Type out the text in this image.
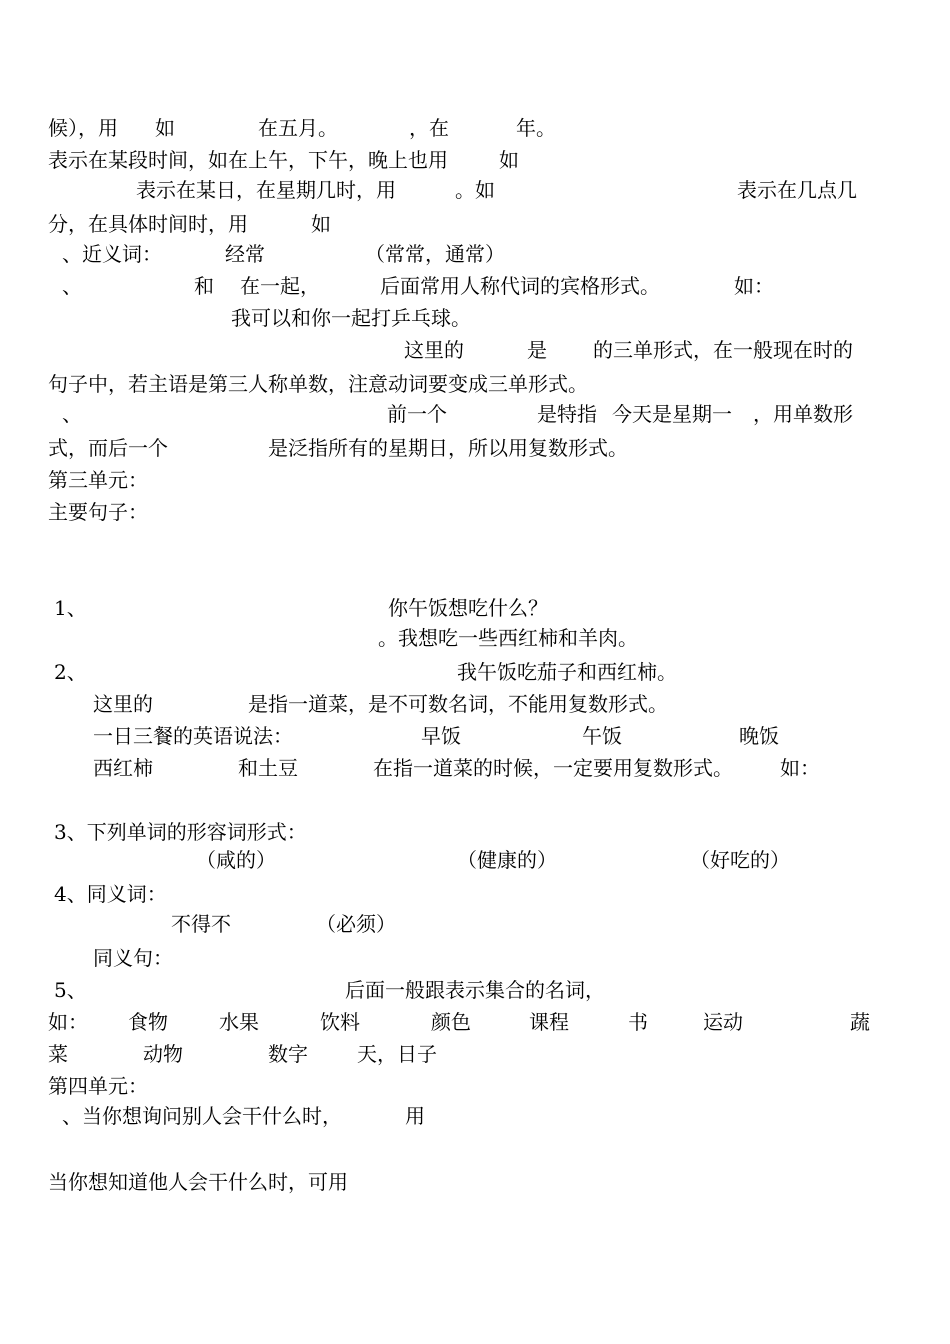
候），用 如	在五月。	，在	年。
表示在某段时间，如在上午，下午，晚上也用	如
表示在某日，在星期几时，用	。如	表示在几点几
分，在具体时间时，用	如
、近义词：	经常	（常常，通常）
、	和 在一起，	后面常用人称代词的宾格形式。	如：
我可以和你一起打乒乓球。
这里的	是 的三单形式，在一般现在时的
句子中，若主语是第三人称单数，注意动词要变成三单形式。
、	前一个	是特指 今天是星期一 ，用单数形
式，而后一个	是泛指所有的星期日，所以用复数形式。
第三单元：
主要句子：
1、	你午饭想吃什么？
。我想吃一些西红柿和羊肉。
2、	我午饭吃茄子和西红柿。
这里的	是指一道菜，是不可数名词，不能用复数形式。
一日三餐的英语说法：	早饭	午饭	晚饭
西红柿	和土豆	在指一道菜的时候，一定要用复数形式。 如：
3、下列单词的形容词形式：
（咸的）	（健康的）	（好吃的）
4、同义词：
不得不	（必须）
同义句：
5、	后面一般跟表示集合的名词，
如： 食物	水果	饮料	颜色	课程	书	运动	蔬
菜	动物	数字 天，日子
第四单元：
、当你想询问别人会干什么时，	用
当你想知道他人会干什么时，可用
